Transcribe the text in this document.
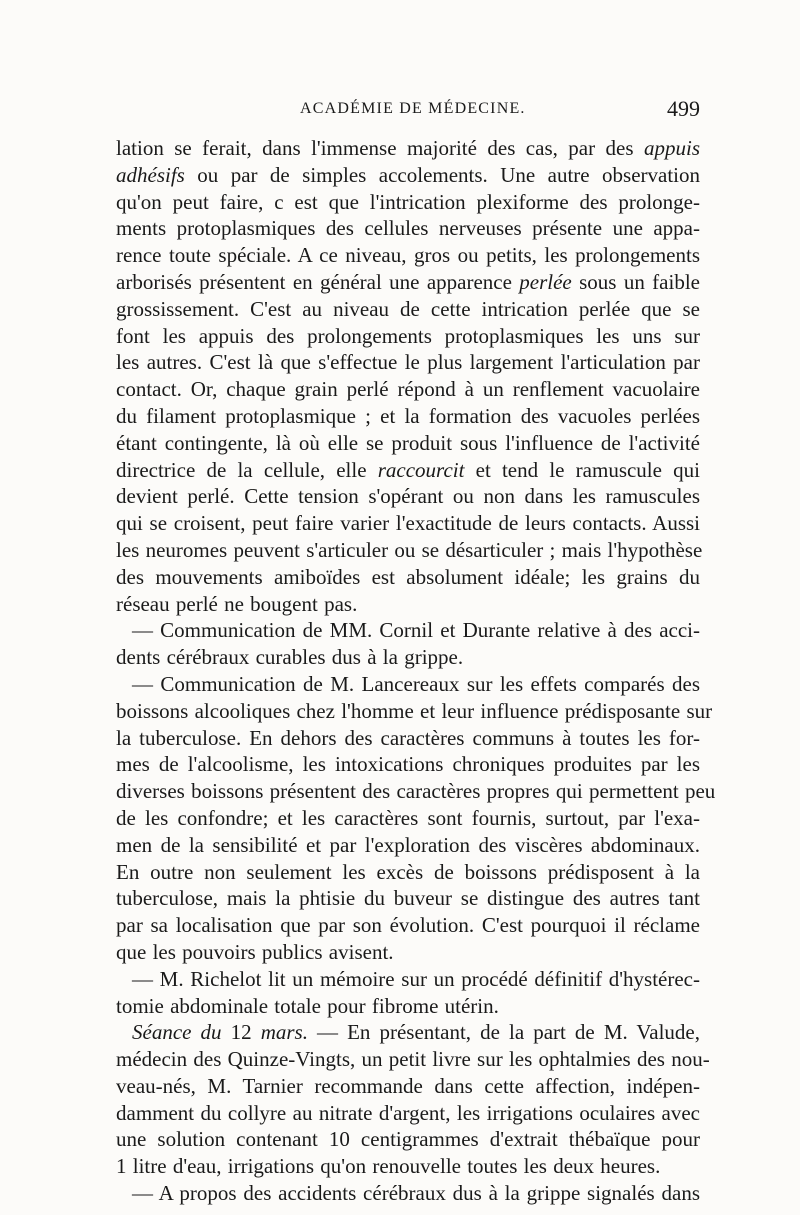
ACADÉMIE DE MÉDECINE.	499
lation se ferait, dans l'immense majorité des cas, par des appuis
adhésifs ou par de simples accolements. Une autre observation
qu'on peut faire, c est que l'intrication plexiforme des prolonge-
ments protoplasmiques des cellules nerveuses présente une appa-
rence toute spéciale. A ce niveau, gros ou petits, les prolongements
arborisés présentent en général une apparence perlée sous un faible
grossissement. C'est au niveau de cette intrication perlée que se
font les appuis des prolongements protoplasmiques les uns sur
les autres. C'est là que s'effectue le plus largement l'articulation par
contact. Or, chaque grain perlé répond à un renflement vacuolaire
du filament protoplasmique ; et la formation des vacuoles perlées
étant contingente, là où elle se produit sous l'influence de l'activité
directrice de la cellule, elle raccourcit et tend le ramuscule qui
devient perlé. Cette tension s'opérant ou non dans les ramuscules
qui se croisent, peut faire varier l'exactitude de leurs contacts. Aussi
les neuromes peuvent s'articuler ou se désarticuler ; mais l'hypothèse
des mouvements amiboïdes est absolument idéale; les grains du
réseau perlé ne bougent pas.
— Communication de MM. Cornil et Durante relative à des acci-
dents cérébraux curables dus à la grippe.
— Communication de M. Lancereaux sur les effets comparés des
boissons alcooliques chez l'homme et leur influence prédisposante sur
la tuberculose. En dehors des caractères communs à toutes les for-
mes de l'alcoolisme, les intoxications chroniques produites par les
diverses boissons présentent des caractères propres qui permettent peu
de les confondre; et les caractères sont fournis, surtout, par l'exa-
men de la sensibilité et par l'exploration des viscères abdominaux.
En outre non seulement les excès de boissons prédisposent à la
tuberculose, mais la phtisie du buveur se distingue des autres tant
par sa localisation que par son évolution. C'est pourquoi il réclame
que les pouvoirs publics avisent.
— M. Richelot lit un mémoire sur un procédé définitif d'hystérec-
tomie abdominale totale pour fibrome utérin.
Séance du 12 mars. — En présentant, de la part de M. Valude,
médecin des Quinze-Vingts, un petit livre sur les ophtalmies des nou-
veau-nés, M. Tarnier recommande dans cette affection, indépen-
damment du collyre au nitrate d'argent, les irrigations oculaires avec
une solution contenant 10 centigrammes d'extrait thébaïque pour
1 litre d'eau, irrigations qu'on renouvelle toutes les deux heures.
— A propos des accidents cérébraux dus à la grippe signalés dans
